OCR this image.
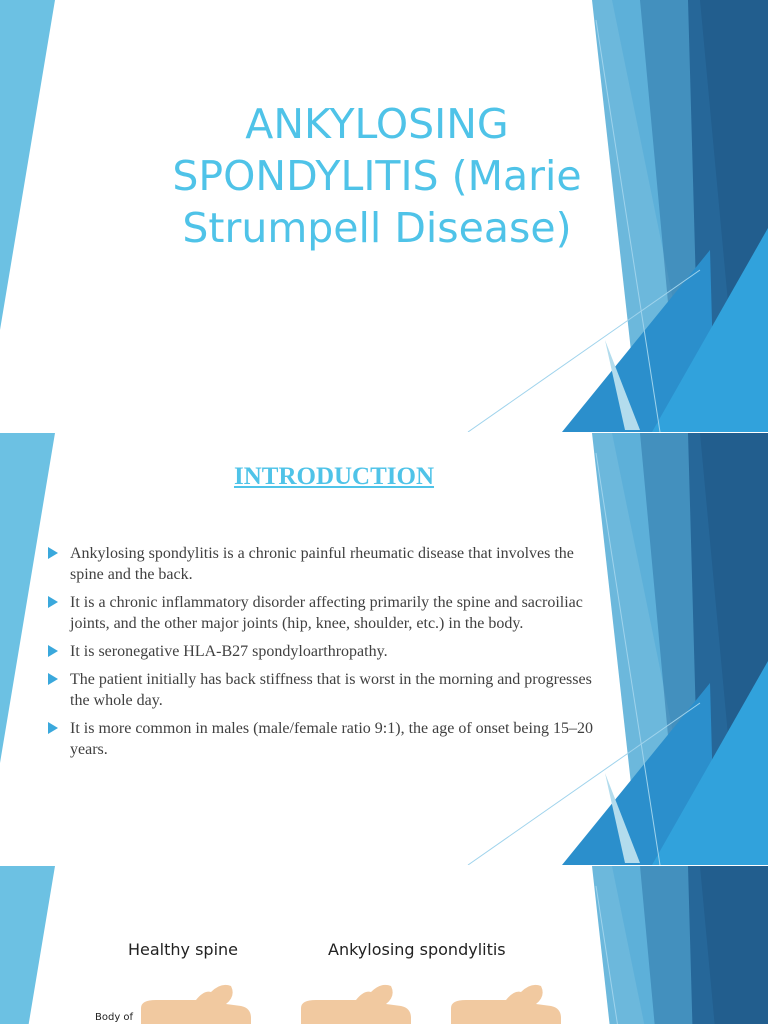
ANKYLOSING SPONDYLITIS (Marie Strumpell Disease)
INTRODUCTION
Ankylosing spondylitis is a chronic painful rheumatic disease that involves the spine and the back.
It is a chronic inflammatory disorder affecting primarily the spine and sacroiliac joints, and the other major joints (hip, knee, shoulder, etc.) in the body.
It is seronegative HLA-B27 spondyloarthropathy.
The patient initially has back stiffness that is worst in the morning and progresses the whole day.
It is more common in males (male/female ratio 9:1), the age of onset being 15–20 years.
Healthy spine	Ankylosing spondylitis
Body of
